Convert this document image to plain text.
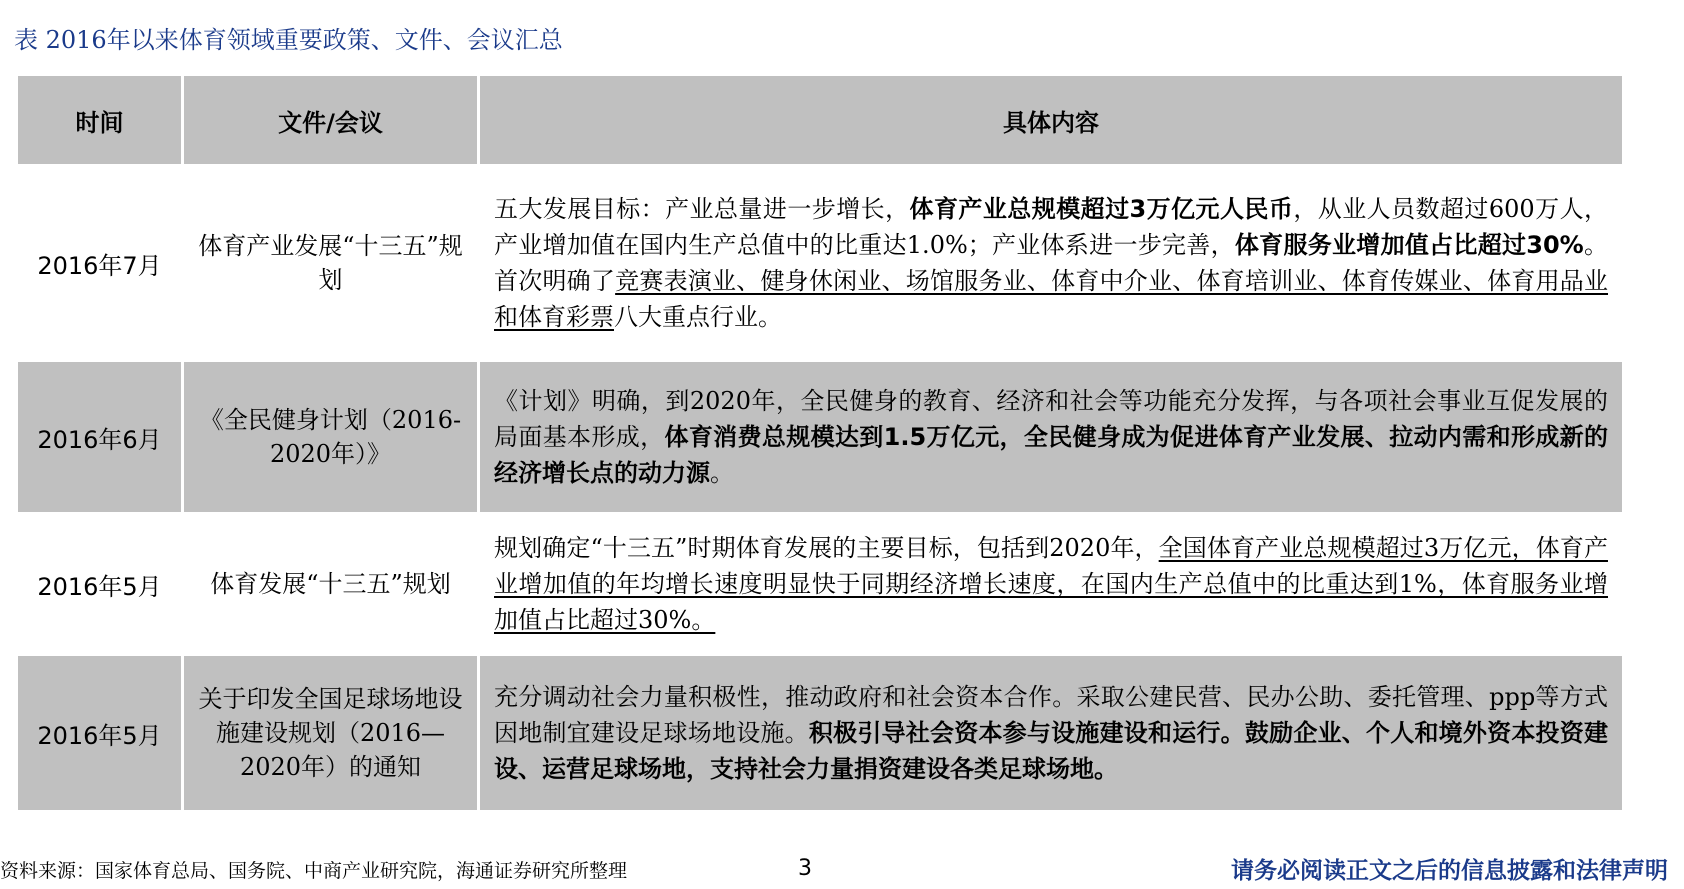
表 2016年以来体育领域重要政策、文件、会议汇总
时间	文件/会议	具体内容
2016年7月	体育产业发展“十三五”规划	五大发展目标：产业总量进一步增长，体育产业总规模超过3万亿元人民币，从业人员数超过600万人，产业增加值在国内生产总值中的比重达1.0%；产业体系进一步完善，体育服务业增加值占比超过30%。首次明确了竞赛表演业、健身休闲业、场馆服务业、体育中介业、体育培训业、体育传媒业、体育用品业和体育彩票八大重点行业。
2016年6月	《全民健身计划（2016-2020年）》	《计划》明确，到2020年，全民健身的教育、经济和社会等功能充分发挥，与各项社会事业互促发展的局面基本形成，体育消费总规模达到1.5万亿元，全民健身成为促进体育产业发展、拉动内需和形成新的经济增长点的动力源。
2016年5月	体育发展“十三五”规划	规划确定“十三五”时期体育发展的主要目标，包括到2020年，全国体育产业总规模超过3万亿元，体育产业增加值的年均增长速度明显快于同期经济增长速度，在国内生产总值中的比重达到1%，体育服务业增加值占比超过30%。
2016年5月	关于印发全国足球场地设施建设规划（2016—2020年）的通知	充分调动社会力量积极性，推动政府和社会资本合作。采取公建民营、民办公助、委托管理、ppp等方式因地制宜建设足球场地设施。积极引导社会资本参与设施建设和运行。鼓励企业、个人和境外资本投资建设、运营足球场地，支持社会力量捐资建设各类足球场地。
资料来源：国家体育总局、国务院、中商产业研究院，海通证券研究所整理	3	请务必阅读正文之后的信息披露和法律声明
